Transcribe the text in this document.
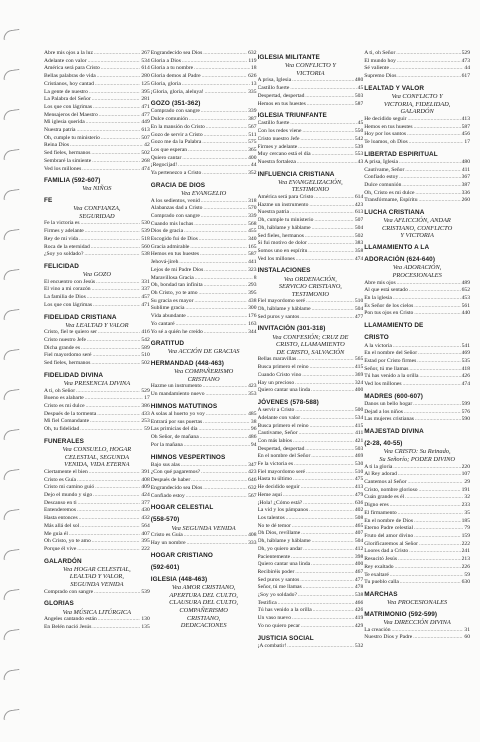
Abre mis ojos a la luz .....	267
Adelante con valor .....	534
América será para Cristo .....	614
Bellas palabras de vida .....	280
Cristianos, hoy cantad .....	125
La gente de nuestro .....	395
La Palabra del Señor .....	281
Los que con lágrimas .....	471
Mensajeros del Maestro .....	477
Mi iglesia querida .....	449
Nuestra patria .....	613
Oh, cumple tu ministerio .....	507
Reina Dios .....	42
Sed fieles, hermanos .....	502
Sembraré la simiente .....	268
Ved los millones .....	474
FAMILIA (592-607)
Vea NIÑOS
FE
Vea CONFIANZA,
SEGURIDAD
Fe la victoria es .....	530
Firmes y adelante .....	539
Rey de mi vida .....	518
Roca de la eternidad .....	560
¿Soy yo soldado? .....	538
FELICIDAD
Vea GOZO
El encuentro con Jesús .....	331
El vino a mi corazón .....	337
La familia de Dios .....	457
Los que con lágrimas .....	471
FIDELIDAD CRISTIANA
Vea LEALTAD Y VALOR
Cristo, fiel te quiero ser .....	416
Cristo nuestro Jefe .....	542
Dicha grande es .....	589
Fiel mayordomo seré .....	510
Sed fieles, hermanos .....	502
FIDELIDAD DIVINA
Vea PRESENCIA DIVINA
A ti, oh Señor .....	529
Bueno es alabarte .....	17
Cristo es mi dulce .....	386
Después de la tormenta .....	433
Mi fiel Comandante .....	253
Oh, tu fidelidad .....	59
FUNERALES
Vea CONSUELO, HOGAR
CELESTIAL, SEGUNDA
VENIDA, VIDA ETERNA
Ciertamente el bien .....	391
Cristo es Guía .....	408
Cristo mi camino guió .....	409
Dejo el mundo y sigo .....	424
Descanso en ti .....	377
Entenderemos .....	430
Hasta entonces .....	432
Más allá del sol .....	564
Me guía él .....	407
Oh Cristo, yo te amo .....	395
Porque él vive .....	222
GALARDÓN
Vea HOGAR CELESTIAL,
LEALTAD Y VALOR,
SEGUNDA VENIDA
Comprado con sangre .....	539
GLORIAS
Vea MÚSICA LITÚRGICA
Ángeles cantando están .....	130
En Belén nació Jesús .....	135
Engrandecido sea Dios .....	632
Gloria a Dios .....	119
Gloria a tu nombre .....	18
Gloria demos al Padre .....	626
Gloria, gloria .....	13
¡Gloria, gloria, aleluya! .....	335
GOZO (351-362)
Comprado con sangre .....	339
Dulce comunión .....	387
En la mansión do Cristo .....	567
Gozo de servir a Cristo .....	511
Gozo me da la Palabra .....	575
Los que esperan .....	365
Quiero cantar .....	400
¡Regocijad! .....	44
Ya pertenezco a Cristo .....	352
GRACIA DE DIOS
Vea EVANGELIO
A los sedientos, venid .....	318
Alabanzas dad a Cristo .....	570
Comprado con sangre .....	339
Cuando mis luchas .....	568
Dios de gracia .....	455
Escogido fui de Dios .....	340
Gracia admirable .....	165
Hemos en tus huestes .....	587
Jehová-jireh .....	441
Lejos de mi Padre Dios .....	323
Maravillosa Gracia .....	8
Oh, bondad tan infinita .....	293
Oh Cristo, yo te amo .....	395
Su gracia es mayor .....	438
Sublime gracia .....	300
Vida abundante .....	176
Yo cantaré .....	163
Yo sé a quién he creído .....	344
GRATITUD
Vea ACCIÓN DE GRACIAS
HERMANDAD (448-463)
Vea COMPAÑERISMO
CRISTIANO
Hazme un instrumento .....	423
Un mandamiento nuevo .....	353
HIMNOS MATUTINOS
A solas al huerto yo voy .....	485
Entrará por sus puertas .....	38
Las primicias del día .....	96
Oh Señor, de mañana .....	486
Por la mañana .....	94
HIMNOS VESPERTINOS
Bajo sus alas .....	347
¿Con qué pagaremos? .....	423
Después de haber .....	646
Engrandecido sea Dios .....	632
Confiado estoy .....	567
HOGAR CELESTIAL
(558-570)
Vea SEGUNDA VENIDA
Cristo es Guía .....	408
Hay un nombre .....	333
HOGAR CRISTIANO
(592-601)
IGLESIA (448-463)
Vea AMOR CRISTIANO,
APERTURA DEL CULTO,
CLAUSURA DEL CULTO,
COMPAÑERISMO
CRISTIANO,
DEDICACIONES
IGLESIA MILITANTE
Vea CONFLICTO Y
VICTORIA
A prisa, Iglesia .....	480
Castillo fuerte .....	45
Despertad, despertad .....	503
Hemos en tus huestes .....	587
IGLESIA TRIUNFANTE
Castillo fuerte .....	45
Con los redes viene .....	550
Cristo nuestro Jefe .....	542
Firmes y adelante .....	539
Muy cercano está el día .....	553
Nuestra fortaleza .....	43
INFLUENCIA CRISTIANA
Vea EVANGELIZACIÓN,
TESTIMONIO
América será para Cristo .....	614
Hazme un instrumento .....	423
Nuestra patria .....	613
Oh, cumple tu ministerio .....	507
Oh, háblame y háblame .....	504
Sed fieles, hermanos .....	502
Si fui motivo de dolor .....	383
Somos uno en espíritu .....	358
Ved los millones .....	474
INSTALACIONES
Vea ORDENACIÓN,
SERVICIO CRISTIANO,
TESTIMONIO
Fiel mayordomo seré .....	510
Oh, háblame y háblame .....	504
Sed puros y santos .....	477
INVITACIÓN (301-318)
Vea CONFESIÓN; CRUZ DE
CRISTO, LLAMAMIENTO
DE CRISTO, SALVACIÓN
Bellas maravillas .....	565
Busca primero el reino .....	415
Cuando Cristo vino .....	369
Hay un precioso .....	324
Quiero cantar una linda .....	400
JÓVENES (578-588)
A servir a Cristo .....	500
Adelante con valor .....	534
Busca primero el reino .....	415
Cautivame, Señor .....	411
Con más labios .....	421
Despertad, despertad .....	503
En el nombre del Señor .....	469
Fe la victoria es .....	530
Fiel mayordomo seré .....	510
Hasta tu último .....	475
He decidido seguir .....	413
Heme aquí .....	479
¡Hola! ¿Cómo está? .....	636
La vid y los pámpanos .....	402
Los talentos .....	508
No te dé temor .....	465
Oh Dios, revíllame .....	407
Oh, háblame y háblame .....	504
Oh, yo quiero andar .....	412
Pacientemente .....	398
Quiero cantar una linda .....	400
Recibiréis poder .....	467
Sed puros y santos .....	477
Señor, tú me llamas .....	478
¿Soy yo soldado? .....	538
Testifica .....	466
Tú has venido a la orilla .....	426
Un vaso nuevo .....	419
Yo no quiero pecar .....	429
JUSTICIA SOCIAL
¡A combatir! .....	532
A ti, oh Señor .....	529
El mundo hoy .....	473
Sé valiente .....	44
Supremo Dios .....	617
LEALTAD Y VALOR
Vea CONFLICTO Y
VICTORIA, FIDELIDAD,
GALARDÓN
He decidido seguir .....	413
Hemos en tus huestes .....	587
Hoy por los santos .....	456
Te loamos, oh Dios .....	17
LIBERTAD ESPIRITUAL
A prisa, Iglesia .....	480
Cautívame, Señor .....	411
Confiado estoy .....	367
Dulce comunión .....	387
Oh, Cristo es mi dulce .....	336
Transfórmame, Espíritu .....	260
LUCHA CRISTIANA
Vea AFLICCIÓN, ANDAR
CRISTIANO, CONFLICTO
Y VICTORIA
LLAMAMIENTO A LA
ADORACIÓN (624-640)
Vea ADORACIÓN,
PROCESIONALES
Abre mis ojos .....	489
Al que está sentado .....	652
En la iglesia .....	453
Es Señor de los cielos .....	561
Pon tus ojos en Cristo .....	440
LLAMAMIENTO DE
CRISTO
A la victoria .....	541
En el nombre del Señor .....	469
Estad por Cristo firmes .....	535
Señor, tú me llamas .....	418
Tú has venido a la orilla .....	426
Ved los millones .....	474
MADRES (600-607)
Danos un bello hogar .....	599
Dejad a los niños .....	576
Las mujeres cristianas .....	590
MAJESTAD DIVINA
(2-28, 40-55)
Vea CRISTO: Su Reinado,
Su Señorío; PODER DIVINO
A ti la gloria .....	220
Al Rey adorad .....	107
Cantemos al Señor .....	29
Cristo, nombre glorioso .....	191
Cuán grande es él .....	32
Digno eres .....	233
El firmamento .....	35
En el nombre de Dios .....	185
Eterno Padre celestial .....	79
Fruto del amor divino .....	159
Glorificaremos al Señor .....	222
Loores dad a Cristo .....	241
Resucitó Jesús .....	213
Rey exaltado .....	226
Te exaltaré .....	59
Tu pueblo calla .....	630
MARCHAS
Vea PROCESIONALES
MATRIMONIO (592-599)
Vea DIRECCIÓN DIVINA
La creación .....	31
Nuestro Dios y Padre .....	60
